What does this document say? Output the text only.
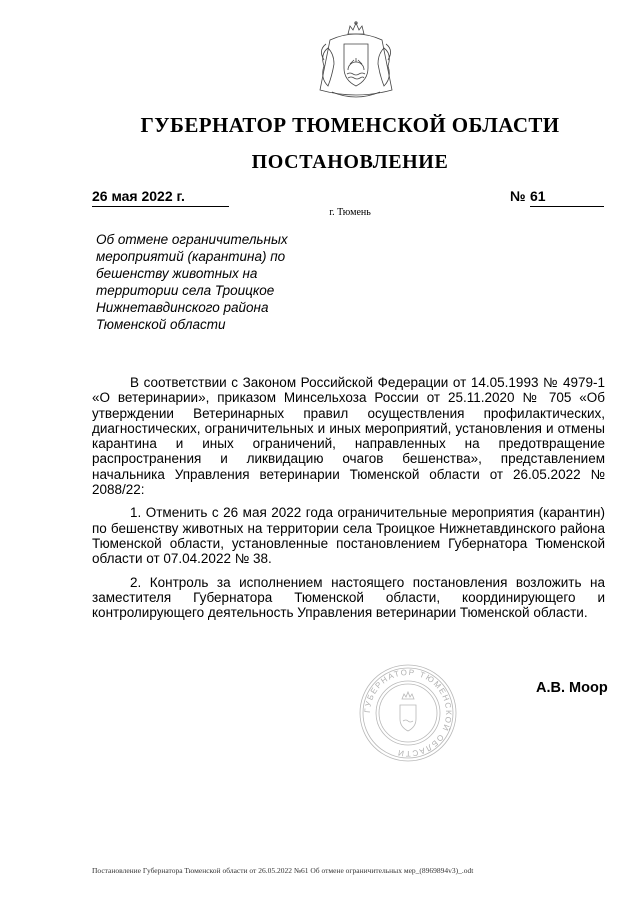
ГУБЕРНАТОР ТЮМЕНСКОЙ ОБЛАСТИ
ПОСТАНОВЛЕНИЕ
26 мая 2022 г.	№ 61
г. Тюмень
Об отмене ограничительных мероприятий (карантина) по бешенству животных на территории села Троицкое Нижнетавдинского района Тюменской области

В соответствии с Законом Российской Федерации от 14.05.1993 № 4979-1 «О ветеринарии», приказом Минсельхоза России от 25.11.2020 № 705 «Об утверждении Ветеринарных правил осуществления профилактических, диагностических, ограничительных и иных мероприятий, установления и отмены карантина и иных ограничений, направленных на предотвращение распространения и ликвидацию очагов бешенства», представлением начальника Управления ветеринарии Тюменской области от 26.05.2022 № 2088/22:

1. Отменить с 26 мая 2022 года ограничительные мероприятия (карантин) по бешенству животных на территории села Троицкое Нижнетавдинского района Тюменской области, установленные постановлением Губернатора Тюменской области от 07.04.2022 № 38.

2. Контроль за исполнением настоящего постановления возложить на заместителя Губернатора Тюменской области, координирующего и контролирующего деятельность Управления ветеринарии Тюменской области.

ГУБЕРНАТОР ТЮМЕНСКОЙ ОБЛАСТИ
А.В. Моор
Постановление Губернатора Тюменской области от 26.05.2022 №61 Об отмене ограничительных мер_(8969894v3)_.odt
